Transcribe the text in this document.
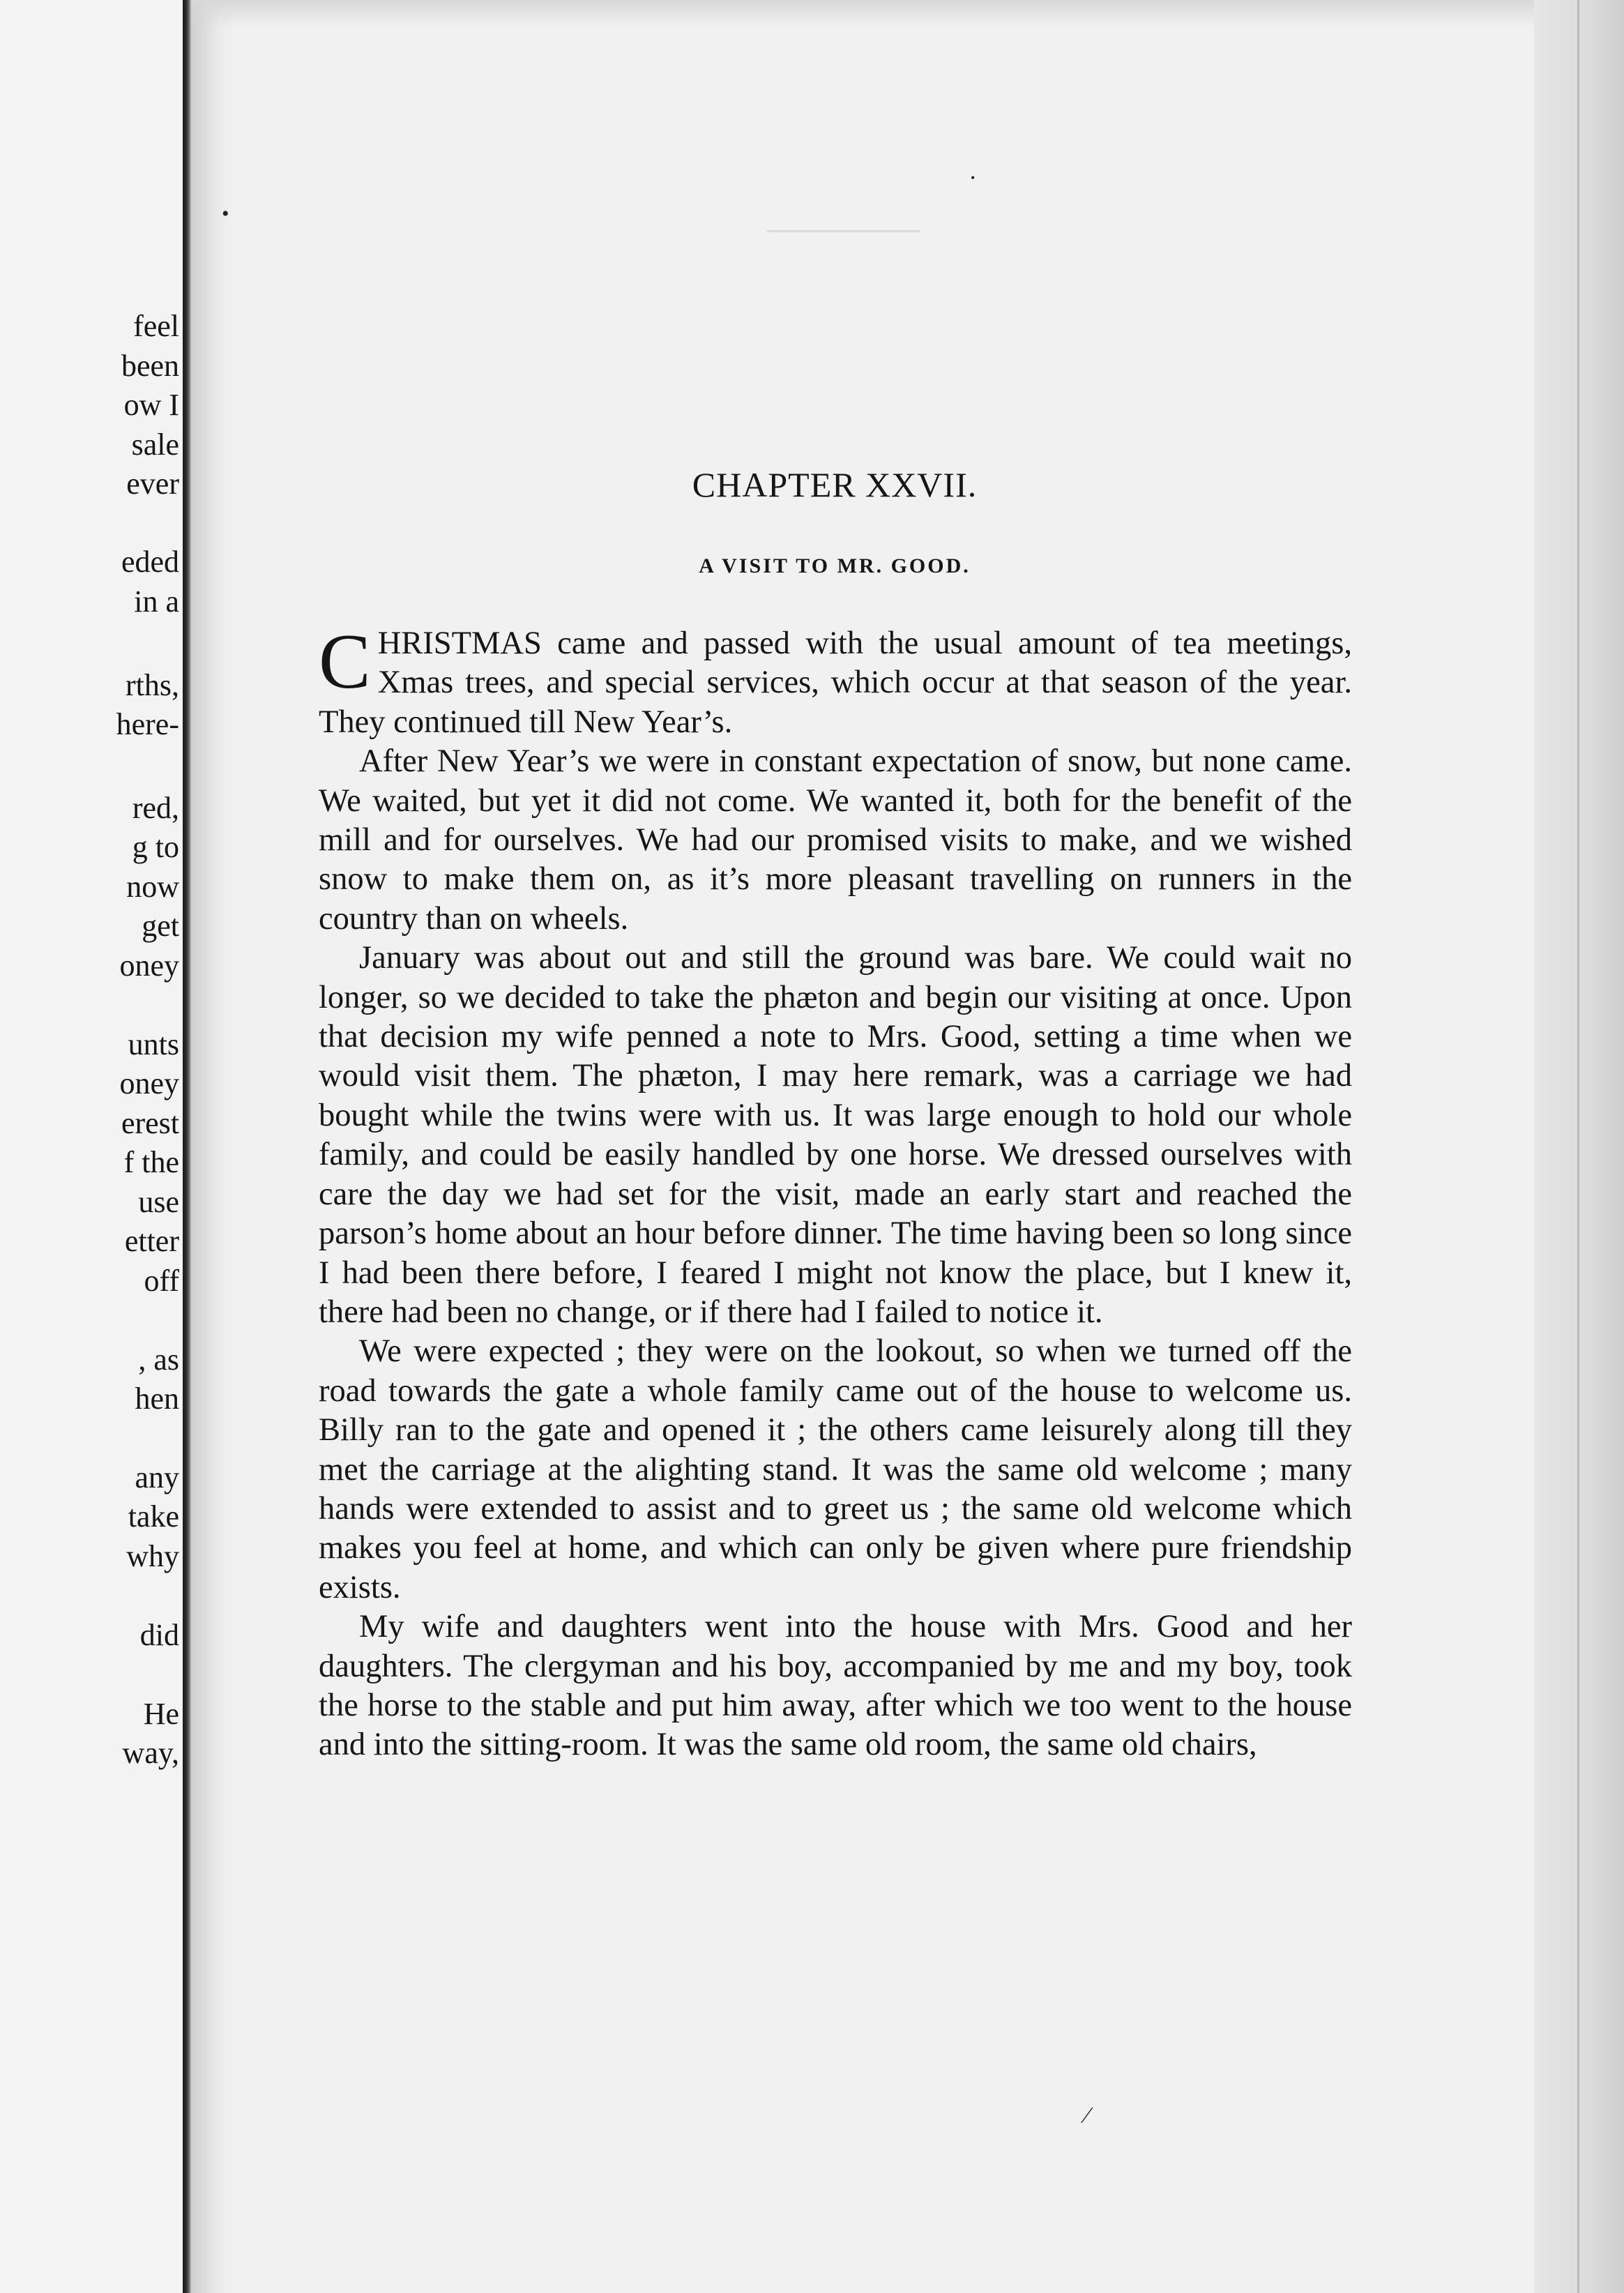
feel

been

ow I

sale

ever

eded

in a

rths,

here-

red,

g to

now

get

oney

unts

oney

erest

f the

use

etter

off

, as

hen

any

take

why

did

He

way,

•
•
⁄
CHAPTER XXVII.
A VISIT TO MR. GOOD.

CHRISTMAS came and passed with the usual amount of tea meetings, Xmas trees, and special services, which occur at that season of the year. They continued till New Year’s.

After New Year’s we were in constant expectation of snow, but none came. We waited, but yet it did not come. We wanted it, both for the benefit of the mill and for ourselves. We had our promised visits to make, and we wished snow to make them on, as it’s more pleasant travelling on runners in the country than on wheels.

January was about out and still the ground was bare. We could wait no longer, so we decided to take the phæton and begin our visiting at once. Upon that decision my wife penned a note to Mrs. Good, setting a time when we would visit them. The phæton, I may here remark, was a carriage we had bought while the twins were with us. It was large enough to hold our whole family, and could be easily handled by one horse. We dressed ourselves with care the day we had set for the visit, made an early start and reached the parson’s home about an hour before dinner. The time having been so long since I had been there before, I feared I might not know the place, but I knew it, there had been no change, or if there had I failed to notice it.

We were expected ; they were on the lookout, so when we turned off the road towards the gate a whole family came out of the house to welcome us. Billy ran to the gate and opened it ; the others came leisurely along till they met the carriage at the alighting stand. It was the same old welcome ; many hands were extended to assist and to greet us ; the same old welcome which makes you feel at home, and which can only be given where pure friendship exists.

My wife and daughters went into the house with Mrs. Good and her daughters. The clergyman and his boy, accompanied by me and my boy, took the horse to the stable and put him away, after which we too went to the house and into the sitting-room. It was the same old room, the same old chairs,
